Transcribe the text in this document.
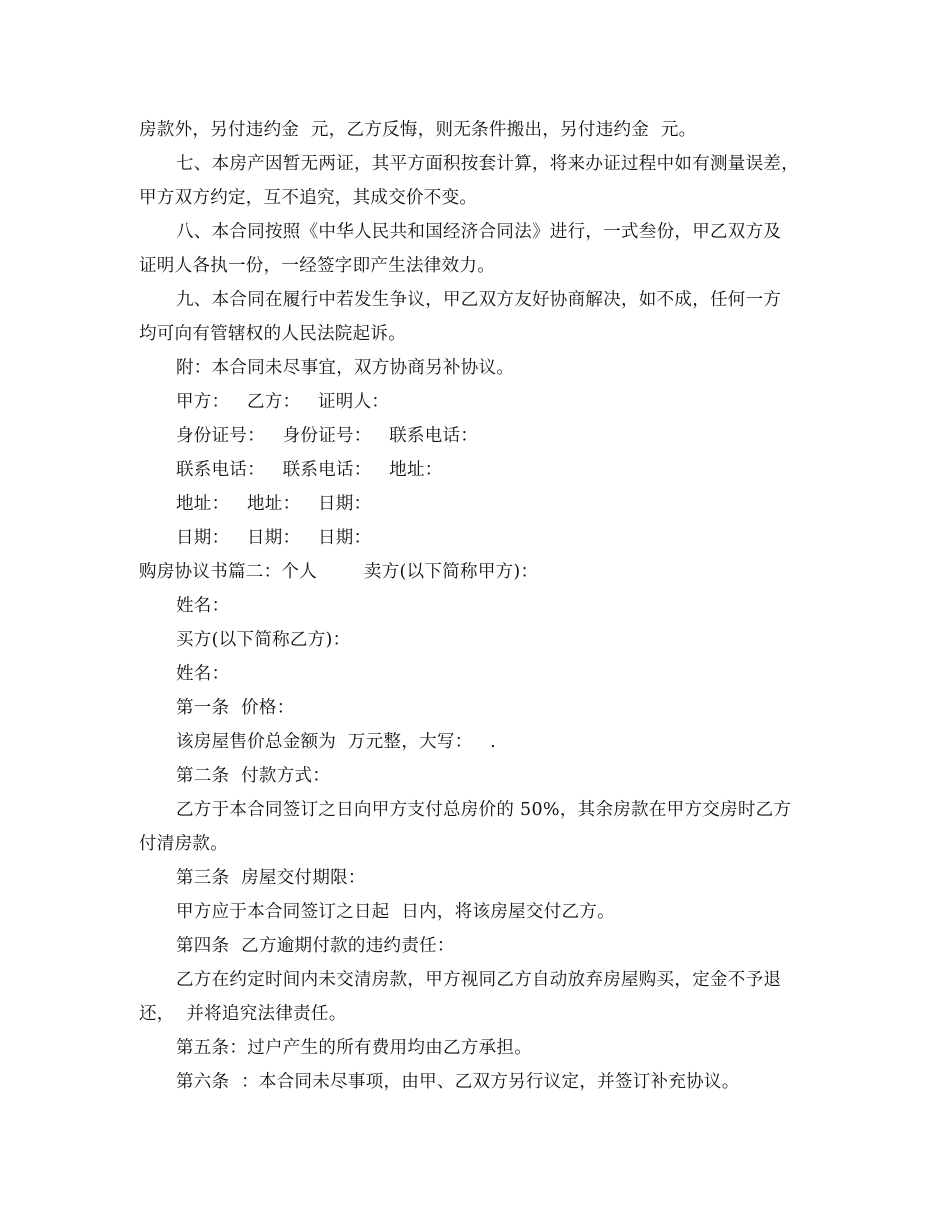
房款外，另付违约金  元，乙方反悔，则无条件搬出，另付违约金  元。
七、本房产因暂无两证，其平方面积按套计算，将来办证过程中如有测量误差，
甲方双方约定，互不追究，其成交价不变。
八、本合同按照《中华人民共和国经济合同法》进行，一式叁份，甲乙双方及
证明人各执一份，一经签字即产生法律效力。
九、本合同在履行中若发生争议，甲乙双方友好协商解决，如不成，任何一方
均可向有管辖权的人民法院起诉。
附：本合同未尽事宜，双方协商另补协议。
甲方：   乙方：   证明人：
身份证号：   身份证号：   联系电话：
联系电话：   联系电话：   地址：
地址：   地址：   日期：
日期：   日期：   日期：
购房协议书篇二：个人        卖方(以下简称甲方)：
姓名：
买方(以下简称乙方)：
姓名：
第一条  价格：
该房屋售价总金额为  万元整，大写：   .
第二条  付款方式：
乙方于本合同签订之日向甲方支付总房价的 50%，其余房款在甲方交房时乙方
付清房款。
第三条  房屋交付期限：
甲方应于本合同签订之日起  日内，将该房屋交付乙方。
第四条  乙方逾期付款的违约责任：
乙方在约定时间内未交清房款，甲方视同乙方自动放弃房屋购买，定金不予退
还，  并将追究法律责任。
第五条：过户产生的所有费用均由乙方承担。
第六条  ：本合同未尽事项，由甲、乙双方另行议定，并签订补充协议。
